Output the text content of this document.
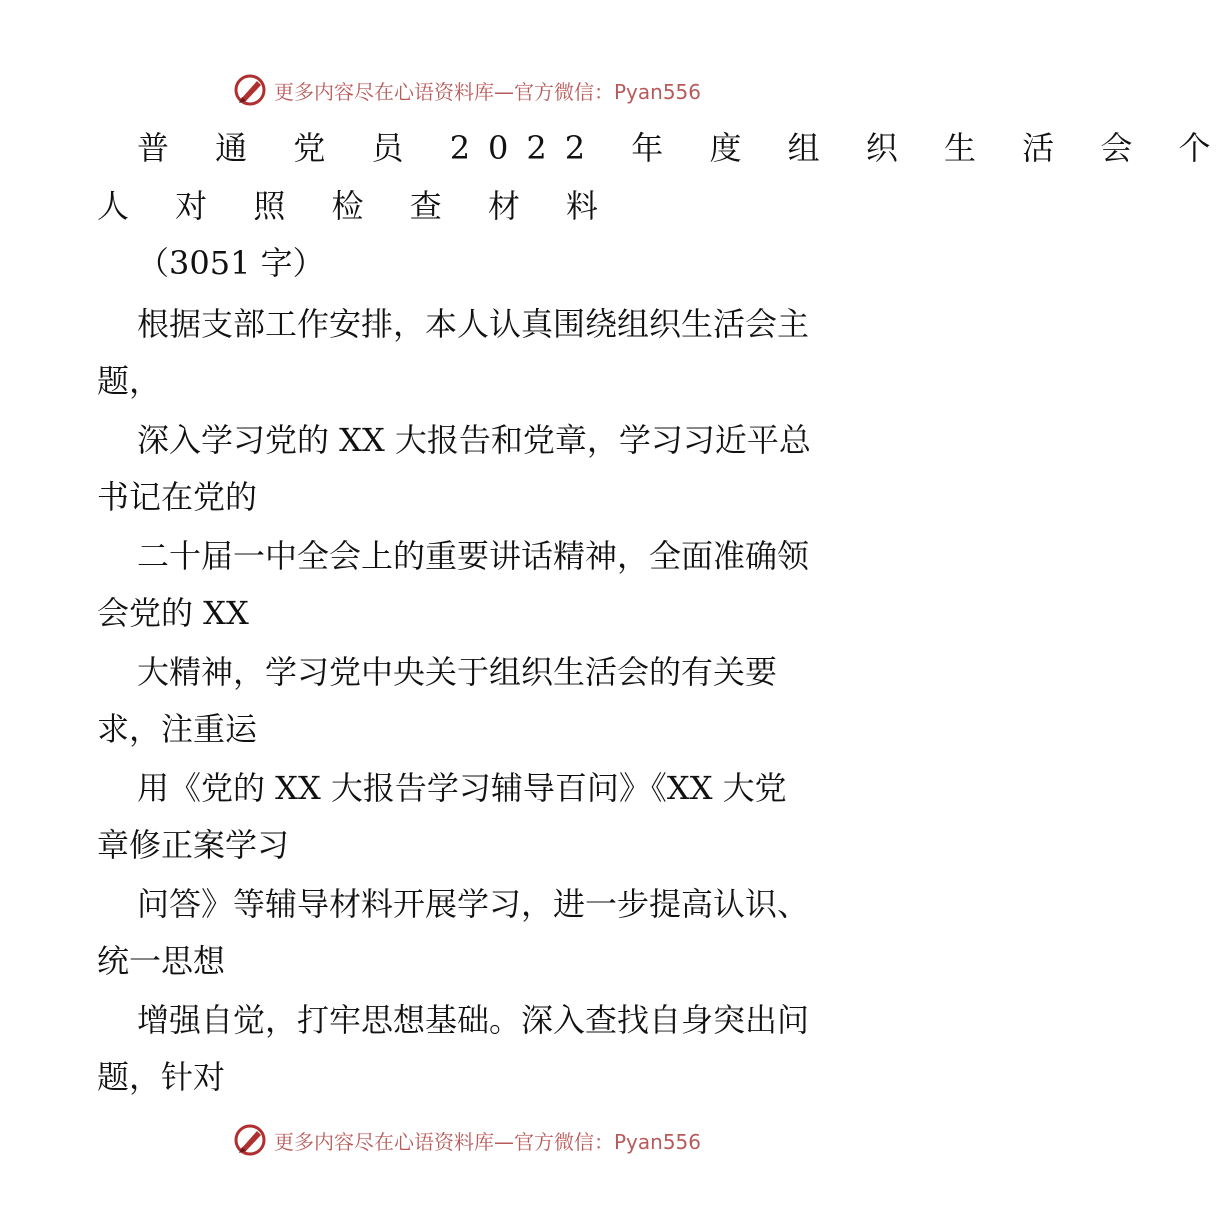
更多内容尽在心语资料库—官方微信：Pyan556
普 通 党 员 2022 年 度 组 织 生 活 会 个
人 对 照 检 查 材 料
（3051 字）
根据支部工作安排，本人认真围绕组织生活会主
题，
深入学习党的 XX 大报告和党章，学习习近平总
书记在党的
二十届一中全会上的重要讲话精神，全面准确领
会党的 XX
大精神，学习党中央关于组织生活会的有关要
求，注重运
用《党的 XX 大报告学习辅导百问》《XX 大党
章修正案学习
问答》等辅导材料开展学习，进一步提高认识、
统一思想
增强自觉，打牢思想基础。深入查找自身突出问
题，针对
更多内容尽在心语资料库—官方微信：Pyan556
